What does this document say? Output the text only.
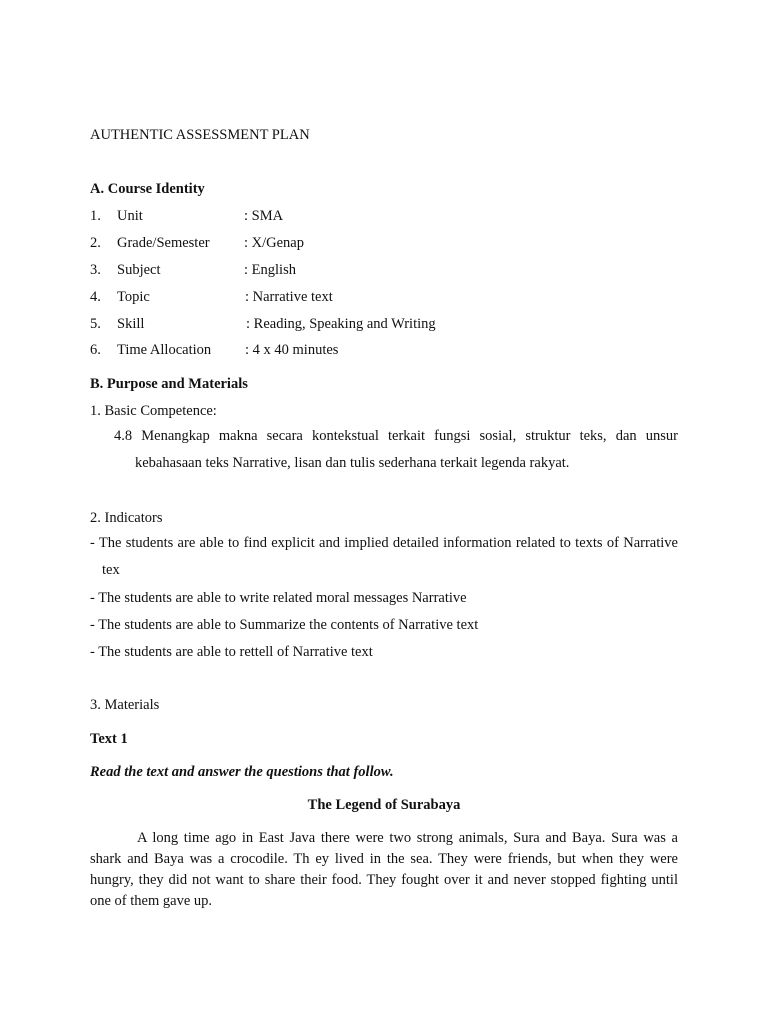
AUTHENTIC ASSESSMENT PLAN
A. Course Identity
1. Unit	: SMA
2. Grade/Semester : X/Genap
3. Subject	: English
4. Topic	: Narrative text
5. Skill	: Reading, Speaking and Writing
6. Time Allocation : 4 x 40 minutes
B. Purpose and Materials
1. Basic Competence:
4.8 Menangkap makna secara kontekstual terkait fungsi sosial, struktur teks, dan unsur kebahasaan teks Narrative, lisan dan tulis sederhana terkait legenda rakyat.
2. Indicators
- The students are able to find explicit and implied detailed information related to texts of Narrative tex
- The students are able to write related moral messages Narrative
- The students are able to Summarize the contents of Narrative text
- The students are able to rettell of Narrative text
3. Materials
Text 1
Read the text and answer the questions that follow.
The Legend of Surabaya
A long time ago in East Java there were two strong animals, Sura and Baya. Sura was a shark and Baya was a crocodile. Th ey lived in the sea. They were friends, but when they were hungry, they did not want to share their food. They fought over it and never stopped fighting until one of them gave up.
